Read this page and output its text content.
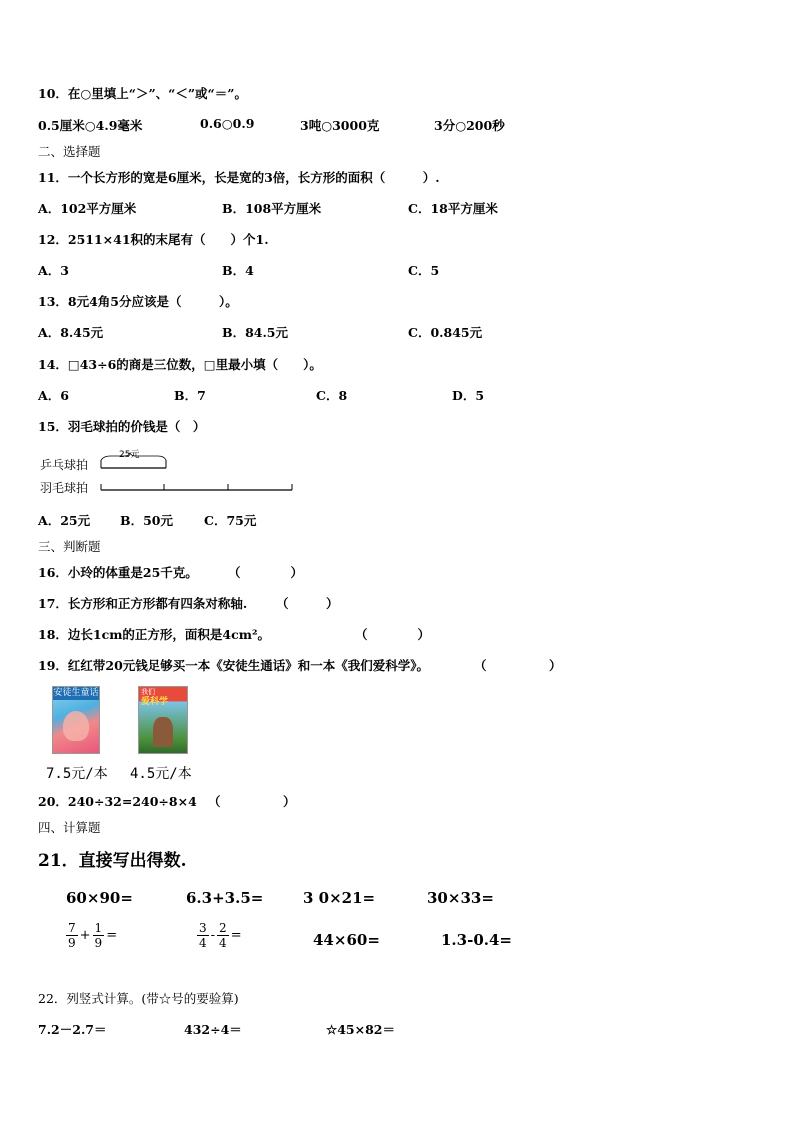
10．在○里填上“＞”、“＜”或“＝”。
0.5厘米○4.9毫米	0.6○0.9	3吨○3000克	3分○200秒
二、选择题
11．一个长方形的宽是6厘米，长是宽的3倍，长方形的面积（　　　）.
A．102平方厘米	B．108平方厘米	C．18平方厘米
12．2511×41积的末尾有（　　）个1.
A．3	B．4	C．5
13．8元4角5分应该是（　　　）。
A．8.45元	B．84.5元	C．0.845元
14．□43÷6的商是三位数，□里最小填（　　）。
A．6	B．7	C．8	D．5
15．羽毛球拍的价钱是（　）
乒乓球拍
羽毛球拍
25元
A．25元 B．50元 C．75元
三、判断题
16．小玲的体重是25千克。 （　　　　）
17．长方形和正方形都有四条对称轴. （　　　）
18．边长1cm的正方形，面积是4cm²。	（　　　　）
19．红红带20元钱足够买一本《安徒生通话》和一本《我们爱科学》。	（　　　　　）
安徒生童话	我们
爱科学
7.5元/本 4.5元/本
20．240÷32=240÷8×4 （　　　　　）
四、计算题
21．直接写出得数.
60×90=	6.3+3.5=	3 0×21=	30×33=
$\frac{7}{9} + \frac{1}{9}$ =	$\frac{3}{4} - \frac{2}{4}$ =	44×60=	1.3-0.4=
22．列竖式计算。(带☆号的要验算)
7.2－2.7＝	432÷4＝	☆45×82＝
